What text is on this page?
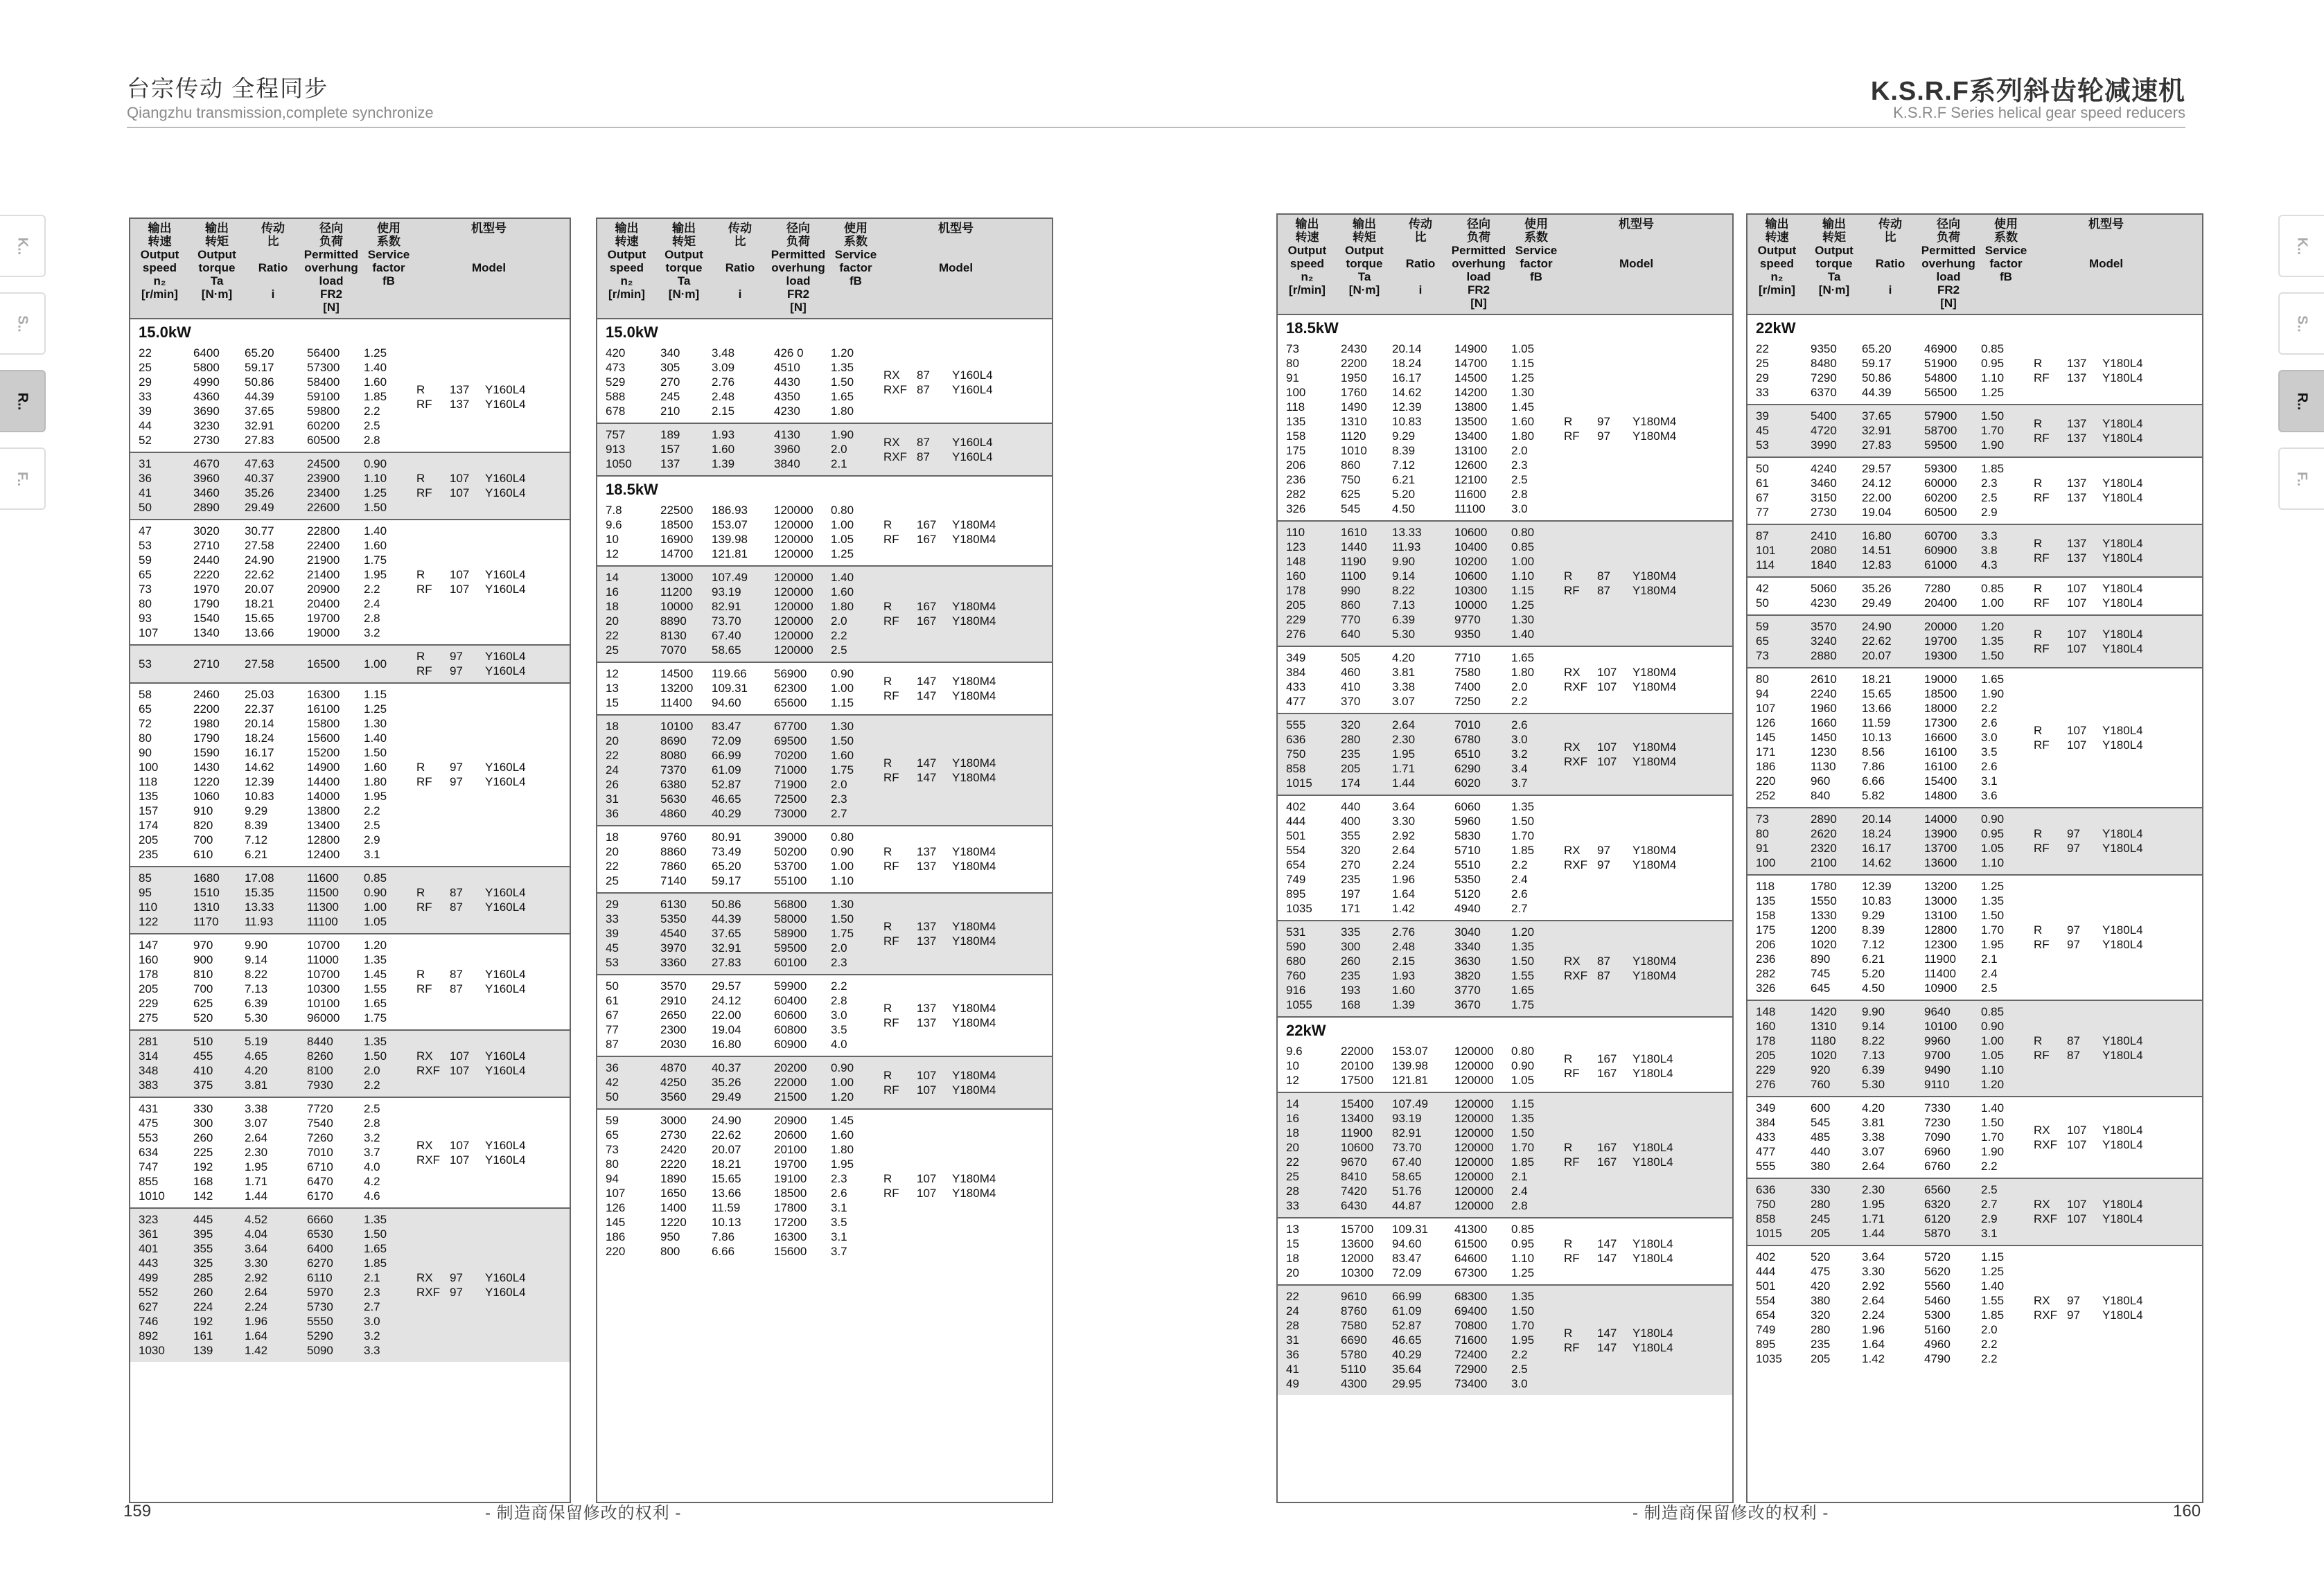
台宗传动 全程同步
Qiangzhu transmission,complete synchronize
K.S.R.F系列斜齿轮减速机
K.S.R.F Series helical gear speed reducers
K..
S..
R..
F..
K..
S..
R..
F..
输出
转速
Output
speed
n₂
[r/min]
输出
转矩
Output
torque
Ta
[N·m]
传动
比

Ratio

i
径向
负荷
Permitted
overhung
load
FR2
[N]
使用
系数
Service
factor
fB
机型号

Model
15.0kW
22	6400	65.20	56400	1.25
25	5800	59.17	57300	1.40
29	4990	50.86	58400	1.60
33	4360	44.39	59100	1.85
39	3690	37.65	59800	2.2
44	3230	32.91	60200	2.5
52	2730	27.83	60500	2.8
R	137	Y160L4
RF	137	Y160L4
31	4670	47.63	24500	0.90
36	3960	40.37	23900	1.10
41	3460	35.26	23400	1.25
50	2890	29.49	22600	1.50
R	107	Y160L4
RF	107	Y160L4
47	3020	30.77	22800	1.40
53	2710	27.58	22400	1.60
59	2440	24.90	21900	1.75
65	2220	22.62	21400	1.95
73	1970	20.07	20900	2.2
80	1790	18.21	20400	2.4
93	1540	15.65	19700	2.8
107	1340	13.66	19000	3.2
R	107	Y160L4
RF	107	Y160L4
53	2710	27.58	16500	1.00
R	97	Y160L4
RF	97	Y160L4
58	2460	25.03	16300	1.15
65	2200	22.37	16100	1.25
72	1980	20.14	15800	1.30
80	1790	18.24	15600	1.40
90	1590	16.17	15200	1.50
100	1430	14.62	14900	1.60
118	1220	12.39	14400	1.80
135	1060	10.83	14000	1.95
157	910	9.29	13800	2.2
174	820	8.39	13400	2.5
205	700	7.12	12800	2.9
235	610	6.21	12400	3.1
R	97	Y160L4
RF	97	Y160L4
85	1680	17.08	11600	0.85
95	1510	15.35	11500	0.90
110	1310	13.33	11300	1.00
122	1170	11.93	11100	1.05
R	87	Y160L4
RF	87	Y160L4
147	970	9.90	10700	1.20
160	900	9.14	11000	1.35
178	810	8.22	10700	1.45
205	700	7.13	10300	1.55
229	625	6.39	10100	1.65
275	520	5.30	96000	1.75
R	87	Y160L4
RF	87	Y160L4
281	510	5.19	8440	1.35
314	455	4.65	8260	1.50
348	410	4.20	8100	2.0
383	375	3.81	7930	2.2
RX	107	Y160L4
RXF 107	Y160L4
431	330	3.38	7720	2.5
475	300	3.07	7540	2.8
553	260	2.64	7260	3.2
634	225	2.30	7010	3.7
747	192	1.95	6710	4.0
855	168	1.71	6470	4.2
1010	142	1.44	6170	4.6
RX	107	Y160L4
RXF 107	Y160L4
323	445	4.52	6660	1.35
361	395	4.04	6530	1.50
401	355	3.64	6400	1.65
443	325	3.30	6270	1.85
499	285	2.92	6110	2.1
552	260	2.64	5970	2.3
627	224	2.24	5730	2.7
746	192	1.96	5550	3.0
892	161	1.64	5290	3.2
1030	139	1.42	5090	3.3
RX	97	Y160L4
RXF 97	Y160L4
输出
转速
Output
speed
n₂
[r/min]
输出
转矩
Output
torque
Ta
[N·m]
传动
比

Ratio

i
径向
负荷
Permitted
overhung
load
FR2
[N]
使用
系数
Service
factor
fB
机型号

Model
15.0kW
420	340	3.48	426 0	1.20
473	305	3.09	4510	1.35
529	270	2.76	4430	1.50
588	245	2.48	4350	1.65
678	210	2.15	4230	1.80
RX	87	Y160L4
RXF 87	Y160L4
757	189	1.93	4130	1.90
913	157	1.60	3960	2.0
1050	137	1.39	3840	2.1
RX	87	Y160L4
RXF 87	Y160L4
18.5kW
7.8	22500	186.93	120000	0.80
9.6	18500	153.07	120000	1.00
10	16900	139.98	120000	1.05
12	14700	121.81	120000	1.25
R	167	Y180M4
RF	167	Y180M4
14	13000	107.49	120000	1.40
16	11200	93.19	120000	1.60
18	10000	82.91	120000	1.80
20	8890	73.70	120000	2.0
22	8130	67.40	120000	2.2
25	7070	58.65	120000	2.5
R	167	Y180M4
RF	167	Y180M4
12	14500	119.66	56900	0.90
13	13200	109.31	62300	1.00
15	11400	94.60	65600	1.15
R	147	Y180M4
RF	147	Y180M4
18	10100	83.47	67700	1.30
20	8690	72.09	69500	1.50
22	8080	66.99	70200	1.60
24	7370	61.09	71000	1.75
26	6380	52.87	71900	2.0
31	5630	46.65	72500	2.3
36	4860	40.29	73000	2.7
R	147	Y180M4
RF	147	Y180M4
18	9760	80.91	39000	0.80
20	8860	73.49	50200	0.90
22	7860	65.20	53700	1.00
25	7140	59.17	55100	1.10
R	137	Y180M4
RF	137	Y180M4
29	6130	50.86	56800	1.30
33	5350	44.39	58000	1.50
39	4540	37.65	58900	1.75
45	3970	32.91	59500	2.0
53	3360	27.83	60100	2.3
R	137	Y180M4
RF	137	Y180M4
50	3570	29.57	59900	2.2
61	2910	24.12	60400	2.8
67	2650	22.00	60600	3.0
77	2300	19.04	60800	3.5
87	2030	16.80	60900	4.0
R	137	Y180M4
RF	137	Y180M4
36	4870	40.37	20200	0.90
42	4250	35.26	22000	1.00
50	3560	29.49	21500	1.20
R	107	Y180M4
RF	107	Y180M4
59	3000	24.90	20900	1.45
65	2730	22.62	20600	1.60
73	2420	20.07	20100	1.80
80	2220	18.21	19700	1.95
94	1890	15.65	19100	2.3
107	1650	13.66	18500	2.6
126	1400	11.59	17800	3.1
145	1220	10.13	17200	3.5
186	950	7.86	16300	3.1
220	800	6.66	15600	3.7
R	107	Y180M4
RF	107	Y180M4
输出
转速
Output
speed
n₂
[r/min]
输出
转矩
Output
torque
Ta
[N·m]
传动
比

Ratio

i
径向
负荷
Permitted
overhung
load
FR2
[N]
使用
系数
Service
factor
fB
机型号

Model
18.5kW
73	2430	20.14	14900	1.05
80	2200	18.24	14700	1.15
91	1950	16.17	14500	1.25
100	1760	14.62	14200	1.30
118	1490	12.39	13800	1.45
135	1310	10.83	13500	1.60
158	1120	9.29	13400	1.80
175	1010	8.39	13100	2.0
206	860	7.12	12600	2.3
236	750	6.21	12100	2.5
282	625	5.20	11600	2.8
326	545	4.50	11100	3.0
R	97	Y180M4
RF	97	Y180M4
110	1610	13.33	10600	0.80
123	1440	11.93	10400	0.85
148	1190	9.90	10200	1.00
160	1100	9.14	10600	1.10
178	990	8.22	10300	1.15
205	860	7.13	10000	1.25
229	770	6.39	9770	1.30
276	640	5.30	9350	1.40
R	87	Y180M4
RF	87	Y180M4
349	505	4.20	7710	1.65
384	460	3.81	7580	1.80
433	410	3.38	7400	2.0
477	370	3.07	7250	2.2
RX	107	Y180M4
RXF 107	Y180M4
555	320	2.64	7010	2.6
636	280	2.30	6780	3.0
750	235	1.95	6510	3.2
858	205	1.71	6290	3.4
1015	174	1.44	6020	3.7
RX	107	Y180M4
RXF 107	Y180M4
402	440	3.64	6060	1.35
444	400	3.30	5960	1.50
501	355	2.92	5830	1.70
554	320	2.64	5710	1.85
654	270	2.24	5510	2.2
749	235	1.96	5350	2.4
895	197	1.64	5120	2.6
1035	171	1.42	4940	2.7
RX	97	Y180M4
RXF 97	Y180M4
531	335	2.76	3040	1.20
590	300	2.48	3340	1.35
680	260	2.15	3630	1.50
760	235	1.93	3820	1.55
916	193	1.60	3770	1.65
1055	168	1.39	3670	1.75
RX	87	Y180M4
RXF 87	Y180M4
22kW
9.6	22000	153.07	120000	0.80
10	20100	139.98	120000	0.90
12	17500	121.81	120000	1.05
R	167	Y180L4
RF	167	Y180L4
14	15400	107.49	120000	1.15
16	13400	93.19	120000	1.35
18	11900	82.91	120000	1.50
20	10600	73.70	120000	1.70
22	9670	67.40	120000	1.85
25	8410	58.65	120000	2.1
28	7420	51.76	120000	2.4
33	6430	44.87	120000	2.8
R	167	Y180L4
RF	167	Y180L4
13	15700	109.31	41300	0.85
15	13600	94.60	61500	0.95
18	12000	83.47	64600	1.10
20	10300	72.09	67300	1.25
R	147	Y180L4
RF	147	Y180L4
22	9610	66.99	68300	1.35
24	8760	61.09	69400	1.50
28	7580	52.87	70800	1.70
31	6690	46.65	71600	1.95
36	5780	40.29	72400	2.2
41	5110	35.64	72900	2.5
49	4300	29.95	73400	3.0
R	147	Y180L4
RF	147	Y180L4
输出
转速
Output
speed
n₂
[r/min]
输出
转矩
Output
torque
Ta
[N·m]
传动
比

Ratio

i
径向
负荷
Permitted
overhung
load
FR2
[N]
使用
系数
Service
factor
fB
机型号

Model
22kW
22	9350	65.20	46900	0.85
25	8480	59.17	51900	0.95
29	7290	50.86	54800	1.10
33	6370	44.39	56500	1.25
R	137	Y180L4
RF	137	Y180L4
39	5400	37.65	57900	1.50
45	4720	32.91	58700	1.70
53	3990	27.83	59500	1.90
R	137	Y180L4
RF	137	Y180L4
50	4240	29.57	59300	1.85
61	3460	24.12	60000	2.3
67	3150	22.00	60200	2.5
77	2730	19.04	60500	2.9
R	137	Y180L4
RF	137	Y180L4
87	2410	16.80	60700	3.3
101	2080	14.51	60900	3.8
114	1840	12.83	61000	4.3
R	137	Y180L4
RF	137	Y180L4
42	5060	35.26	7280	0.85
50	4230	29.49	20400	1.00
R	107	Y180L4
RF	107	Y180L4
59	3570	24.90	20000	1.20
65	3240	22.62	19700	1.35
73	2880	20.07	19300	1.50
R	107	Y180L4
RF	107	Y180L4
80	2610	18.21	19000	1.65
94	2240	15.65	18500	1.90
107	1960	13.66	18000	2.2
126	1660	11.59	17300	2.6
145	1450	10.13	16600	3.0
171	1230	8.56	16100	3.5
186	1130	7.86	16100	2.6
220	960	6.66	15400	3.1
252	840	5.82	14800	3.6
R	107	Y180L4
RF	107	Y180L4
73	2890	20.14	14000	0.90
80	2620	18.24	13900	0.95
91	2320	16.17	13700	1.05
100	2100	14.62	13600	1.10
R	97	Y180L4
RF	97	Y180L4
118	1780	12.39	13200	1.25
135	1550	10.83	13000	1.35
158	1330	9.29	13100	1.50
175	1200	8.39	12800	1.70
206	1020	7.12	12300	1.95
236	890	6.21	11900	2.1
282	745	5.20	11400	2.4
326	645	4.50	10900	2.5
R	97	Y180L4
RF	97	Y180L4
148	1420	9.90	9640	0.85
160	1310	9.14	10100	0.90
178	1180	8.22	9960	1.00
205	1020	7.13	9700	1.05
229	920	6.39	9490	1.10
276	760	5.30	9110	1.20
R	87	Y180L4
RF	87	Y180L4
349	600	4.20	7330	1.40
384	545	3.81	7230	1.50
433	485	3.38	7090	1.70
477	440	3.07	6960	1.90
555	380	2.64	6760	2.2
RX	107	Y180L4
RXF 107	Y180L4
636	330	2.30	6560	2.5
750	280	1.95	6320	2.7
858	245	1.71	6120	2.9
1015	205	1.44	5870	3.1
RX	107	Y180L4
RXF 107	Y180L4
402	520	3.64	5720	1.15
444	475	3.30	5620	1.25
501	420	2.92	5560	1.40
554	380	2.64	5460	1.55
654	320	2.24	5300	1.85
749	280	1.96	5160	2.0
895	235	1.64	4960	2.2
1035	205	1.42	4790	2.2
RX	97	Y180L4
RXF 97	Y180L4
159	- 制造商保留修改的权利 -	- 制造商保留修改的权利 -	160
